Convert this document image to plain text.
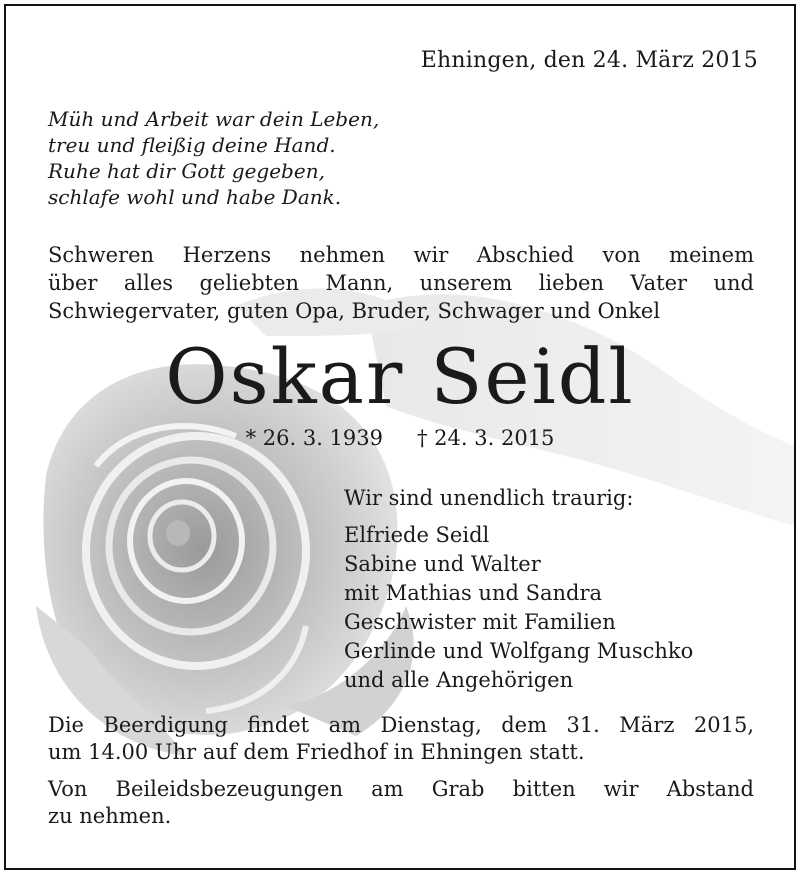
Ehningen, den 24. März 2015

Müh und Arbeit war dein Leben,
treu und fleißig deine Hand.
Ruhe hat dir Gott gegeben,
schlafe wohl und habe Dank.
Schweren Herzens nehmen wir Abschied von meinem
über alles geliebten Mann, unserem lieben Vater und
Schwiegervater, guten Opa, Bruder, Schwager und Onkel
Oskar Seidl
* 26. 3. 1939 † 24. 3. 2015
Wir sind unendlich traurig:
Elfriede Seidl
Sabine und Walter
mit Mathias und Sandra
Geschwister mit Familien
Gerlinde und Wolfgang Muschko
und alle Angehörigen
Die Beerdigung findet am Dienstag, dem 31. März 2015,
um 14.00 Uhr auf dem Friedhof in Ehningen statt.
Von Beileidsbezeugungen am Grab bitten wir Abstand
zu nehmen.
